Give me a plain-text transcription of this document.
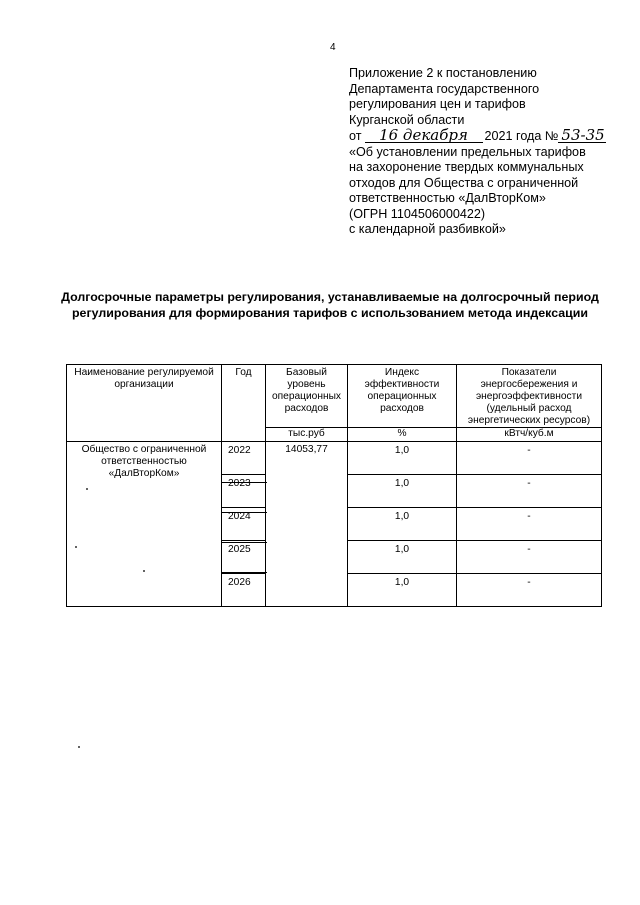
4
Приложение 2 к постановлению
Департамента государственного
регулирования цен и тарифов
Курганской области
от 16 декабря 2021 года № 53-35
«Об установлении предельных тарифов
на захоронение твердых коммунальных
отходов для Общества с ограниченной
ответственностью «ДалВторКом»
(ОГРН 1104506000422)
с календарной разбивкой»
Долгосрочные параметры регулирования, устанавливаемые на долгосрочный период регулирования для формирования тарифов с использованием метода индексации
Наименование регулируемой организации	Год	Базовый уровень операционных расходов	Индекс эффективности операционных расходов	Показатели энергосбережения и энергоэффективности (удельный расход энергетических ресурсов)
		тыс.руб	%	кВтч/куб.м
Общество с ограниченной ответственностью «ДалВторКом»	2022	14053,77	1,0	-
	2023		1,0	-
	2024		1,0	-
	2025		1,0	-
	2026		1,0	-
